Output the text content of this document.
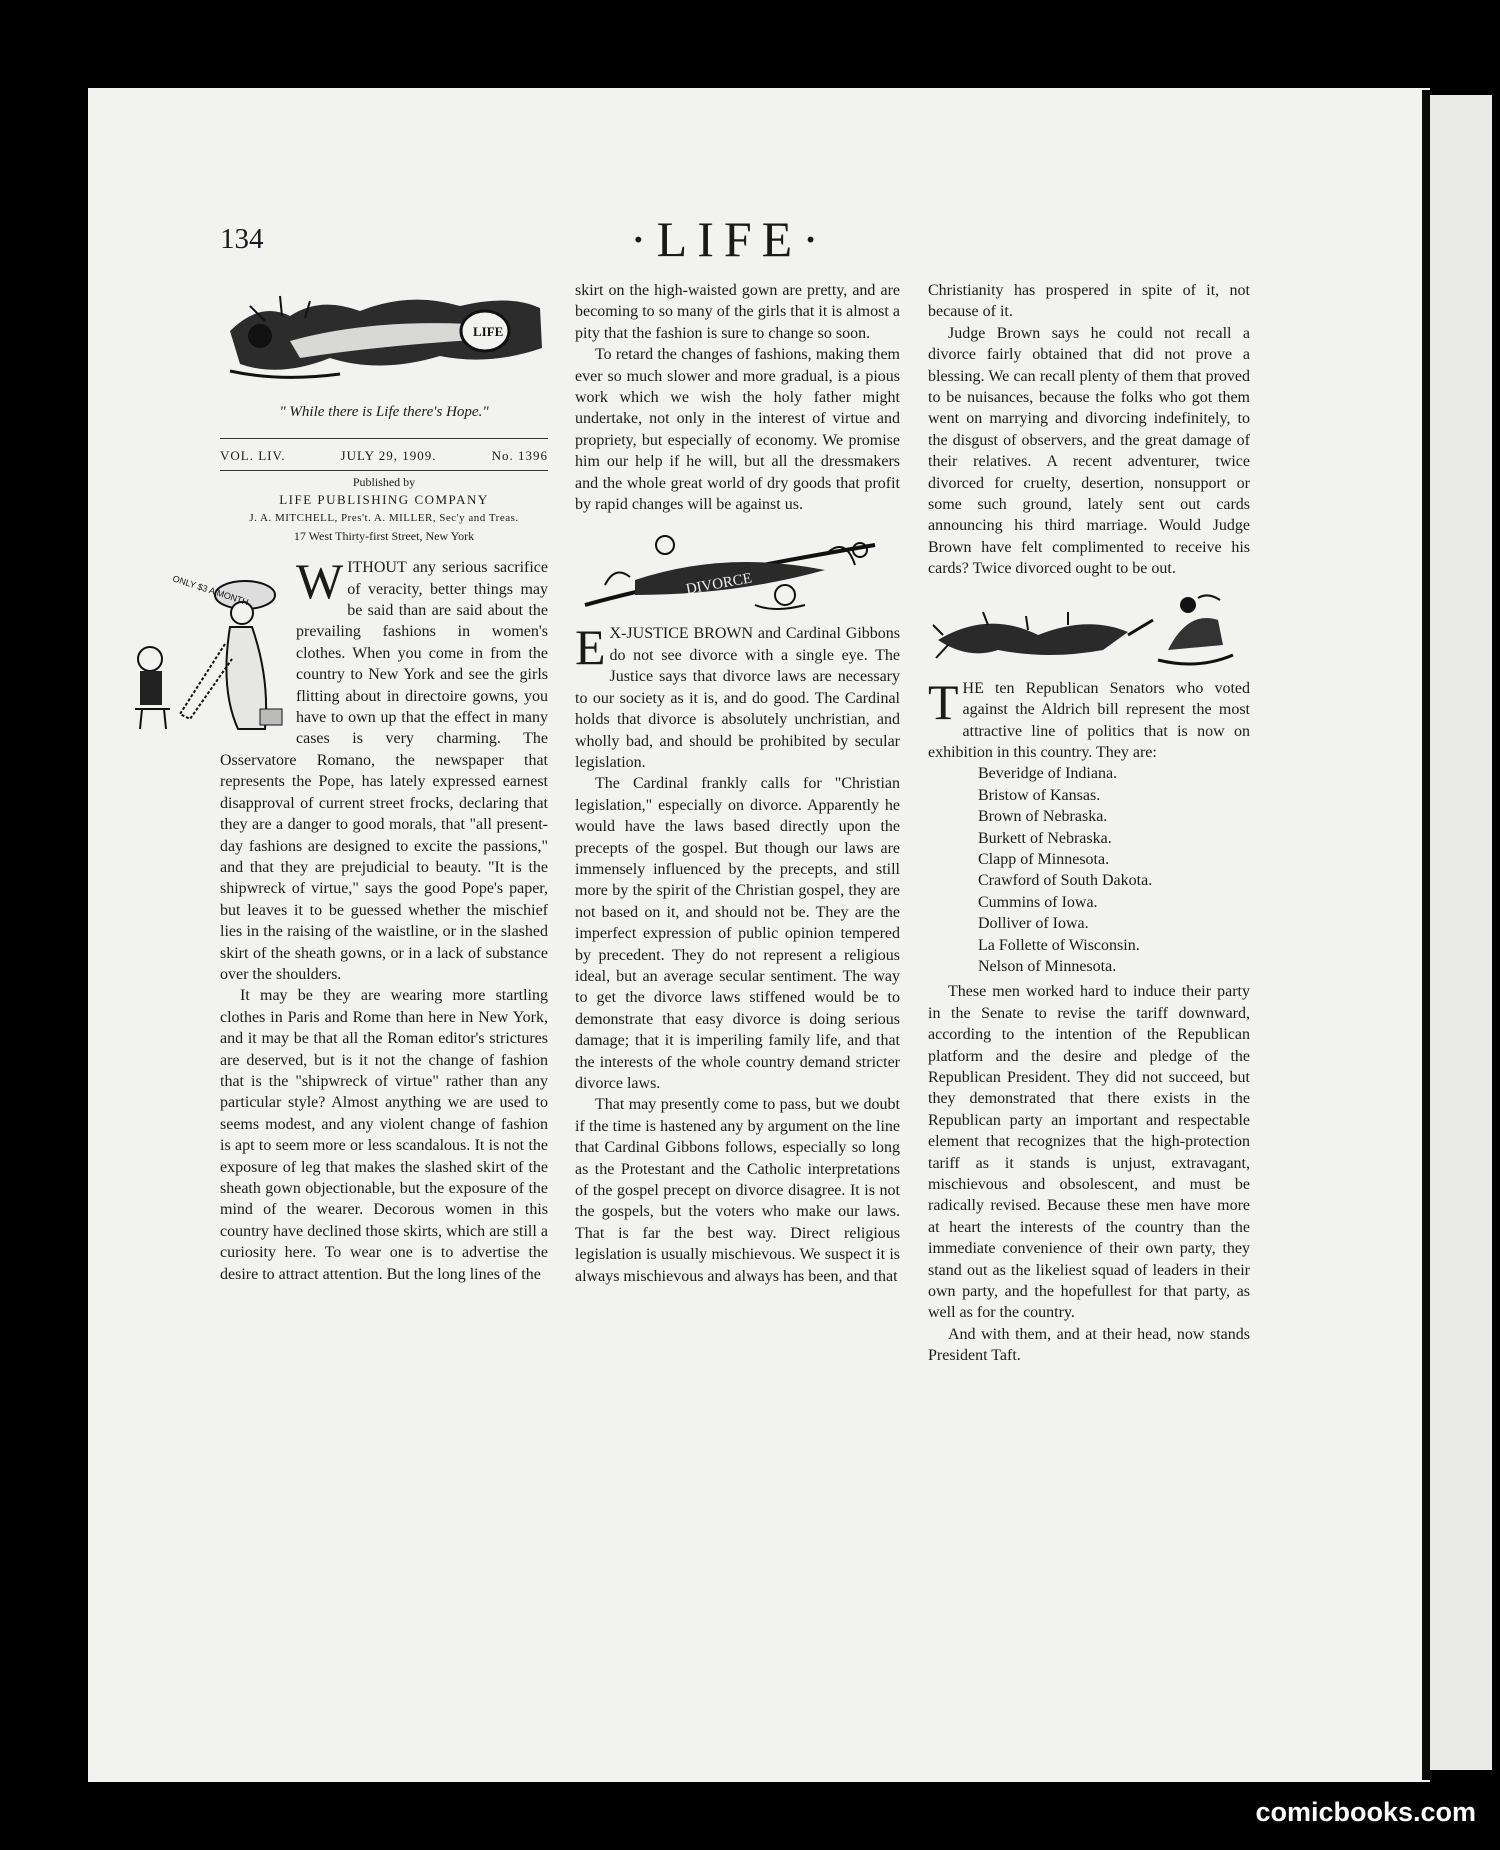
134	·LIFE·
LIFE
" While there is Life there's Hope."
VOL. LIV.	JULY 29, 1909.	No. 1396
Published by
LIFE PUBLISHING COMPANY
J. A. MITCHELL, Pres't. A. MILLER, Sec'y and Treas.
17 West Thirty-first Street, New York
ONLY $3 A MONTH W ITHOUT any serious sacrifice of veracity, better things may be said than are said about the prevailing fashions in women's clothes. When you come in from the country to New York and see the girls flitting about in directoire gowns, you have to own up that the effect in many cases is very charming. The Osservatore Romano, the newspaper that represents the Pope, has lately expressed earnest disapproval of current street frocks, declaring that they are a danger to good morals, that "all present-day fashions are designed to excite the passions," and that they are prejudicial to beauty. "It is the shipwreck of virtue," says the good Pope's paper, but leaves it to be guessed whether the mischief lies in the raising of the waistline, or in the slashed skirt of the sheath gowns, or in a lack of substance over the shoulders.

It may be they are wearing more startling clothes in Paris and Rome than here in New York, and it may be that all the Roman editor's strictures are deserved, but is it not the change of fashion that is the "shipwreck of virtue" rather than any particular style? Almost anything we are used to seems modest, and any violent change of fashion is apt to seem more or less scandalous. It is not the exposure of leg that makes the slashed skirt of the sheath gown objectionable, but the exposure of the mind of the wearer. Decorous women in this country have declined those skirts, which are still a curiosity here. To wear one is to advertise the desire to attract attention. But the long lines of the

skirt on the high-waisted gown are pretty, and are becoming to so many of the girls that it is almost a pity that the fashion is sure to change so soon.

To retard the changes of fashions, making them ever so much slower and more gradual, is a pious work which we wish the holy father might undertake, not only in the interest of virtue and propriety, but especially of economy. We promise him our help if he will, but all the dressmakers and the whole great world of dry goods that profit by rapid changes will be against us.

DIVORCE
E X-JUSTICE BROWN and Cardinal Gibbons do not see divorce with a single eye. The Justice says that divorce laws are necessary to our society as it is, and do good. The Cardinal holds that divorce is absolutely unchristian, and wholly bad, and should be prohibited by secular legislation.

The Cardinal frankly calls for "Christian legislation," especially on divorce. Apparently he would have the laws based directly upon the precepts of the gospel. But though our laws are immensely influenced by the precepts, and still more by the spirit of the Christian gospel, they are not based on it, and should not be. They are the imperfect expression of public opinion tempered by precedent. They do not represent a religious ideal, but an average secular sentiment. The way to get the divorce laws stiffened would be to demonstrate that easy divorce is doing serious damage; that it is imperiling family life, and that the interests of the whole country demand stricter divorce laws.

That may presently come to pass, but we doubt if the time is hastened any by argument on the line that Cardinal Gibbons follows, especially so long as the Protestant and the Catholic interpretations of the gospel precept on divorce disagree. It is not the gospels, but the voters who make our laws. That is far the best way. Direct religious legislation is usually mischievous. We suspect it is always mischievous and always has been, and that

Christianity has prospered in spite of it, not because of it.

Judge Brown says he could not recall a divorce fairly obtained that did not prove a blessing. We can recall plenty of them that proved to be nuisances, because the folks who got them went on marrying and divorcing indefinitely, to the disgust of observers, and the great damage of their relatives. A recent adventurer, twice divorced for cruelty, desertion, nonsupport or some such ground, lately sent out cards announcing his third marriage. Would Judge Brown have felt complimented to receive his cards? Twice divorced ought to be out.

T HE ten Republican Senators who voted against the Aldrich bill represent the most attractive line of politics that is now on exhibition in this country. They are:

Beveridge of Indiana.
Bristow of Kansas.
Brown of Nebraska.
Burkett of Nebraska.
Clapp of Minnesota.
Crawford of South Dakota.
Cummins of Iowa.
Dolliver of Iowa.
La Follette of Wisconsin.
Nelson of Minnesota.

These men worked hard to induce their party in the Senate to revise the tariff downward, according to the intention of the Republican platform and the desire and pledge of the Republican President. They did not succeed, but they demonstrated that there exists in the Republican party an important and respectable element that recognizes that the high-protection tariff as it stands is unjust, extravagant, mischievous and obsolescent, and must be radically revised. Because these men have more at heart the interests of the country than the immediate convenience of their own party, they stand out as the likeliest squad of leaders in their own party, and the hopefullest for that party, as well as for the country.

And with them, and at their head, now stands President Taft.

comicbooks.com
